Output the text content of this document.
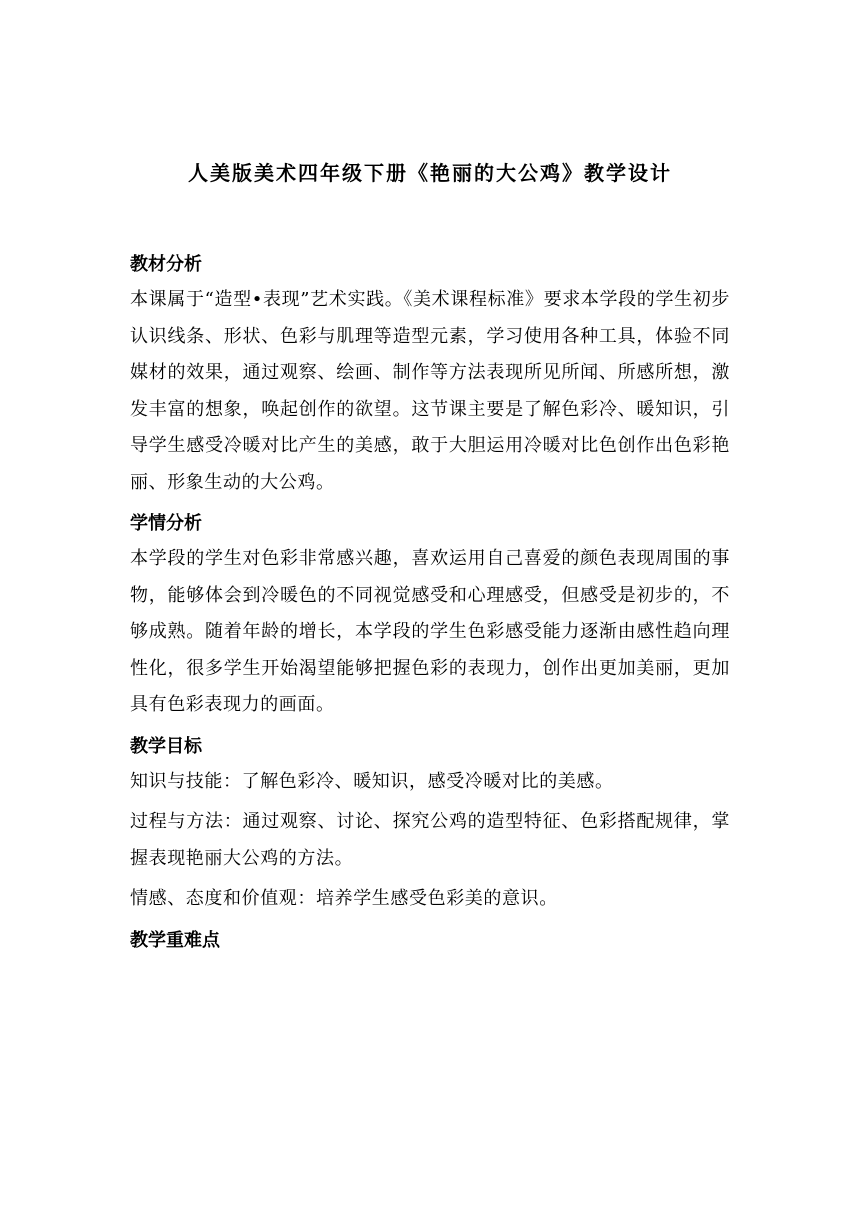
人美版美术四年级下册《艳丽的大公鸡》教学设计
教材分析

本课属于“造型•表现”艺术实践。《美术课程标准》要求本学段的学生初步认识线条、形状、色彩与肌理等造型元素，学习使用各种工具，体验不同媒材的效果，通过观察、绘画、制作等方法表现所见所闻、所感所想，激发丰富的想象，唤起创作的欲望。这节课主要是了解色彩冷、暖知识，引导学生感受冷暖对比产生的美感，敢于大胆运用冷暖对比色创作出色彩艳丽、形象生动的大公鸡。

学情分析

本学段的学生对色彩非常感兴趣，喜欢运用自己喜爱的颜色表现周围的事物，能够体会到冷暖色的不同视觉感受和心理感受，但感受是初步的，不够成熟。随着年龄的增长，本学段的学生色彩感受能力逐渐由感性趋向理性化，很多学生开始渴望能够把握色彩的表现力，创作出更加美丽，更加具有色彩表现力的画面。

教学目标

知识与技能：了解色彩冷、暖知识，感受冷暖对比的美感。

过程与方法：通过观察、讨论、探究公鸡的造型特征、色彩搭配规律，掌握表现艳丽大公鸡的方法。

情感、态度和价值观：培养学生感受色彩美的意识。

教学重难点
